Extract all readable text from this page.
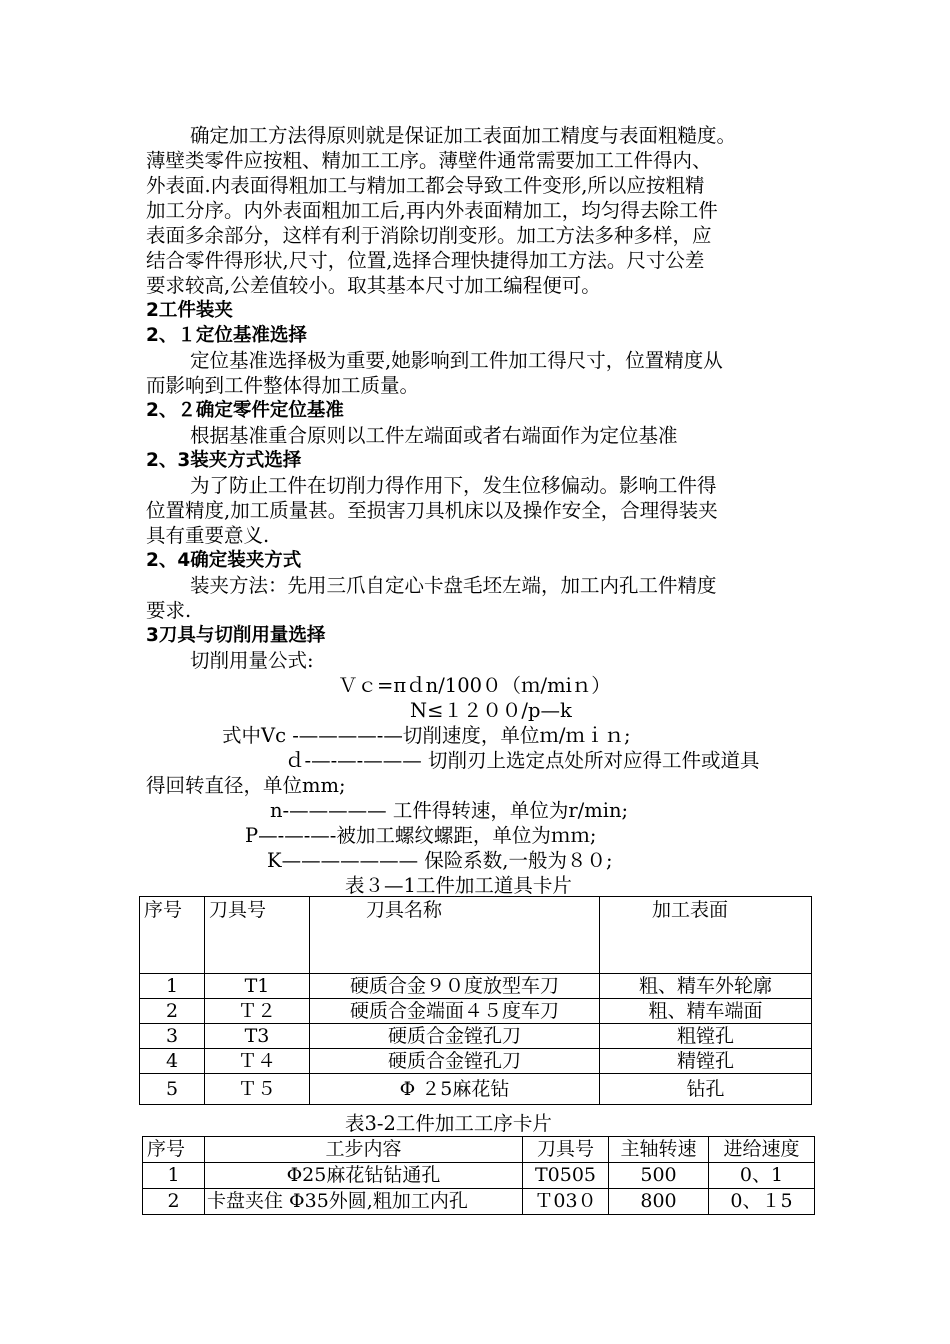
确定加工方法得原则就是保证加工表面加工精度与表面粗糙度。
薄壁类零件应按粗、精加工工序。薄壁件通常需要加工工件得内、
外表面.内表面得粗加工与精加工都会导致工件变形,所以应按粗精
加工分序。内外表面粗加工后,再内外表面精加工，均匀得去除工件
表面多余部分，这样有利于消除切削变形。加工方法多种多样，应
结合零件得形状,尺寸，位置,选择合理快捷得加工方法。尺寸公差
要求较高,公差值较小。取其基本尺寸加工编程便可。
2工件装夹
2、１定位基准选择
定位基准选择极为重要,她影响到工件加工得尺寸，位置精度从
而影响到工件整体得加工质量。
2、２确定零件定位基准
根据基准重合原则以工件左端面或者右端面作为定位基准
2、3装夹方式选择
为了防止工件在切削力得作用下，发生位移偏动。影响工件得
位置精度,加工质量甚。至损害刀具机床以及操作安全，合理得装夹
具有重要意义.
2、4确定装夹方式
装夹方法：先用三爪自定心卡盘毛坯左端，加工内孔工件精度
要求.
3刀具与切削用量选择
切削用量公式:
Ｖｃ=πｄn/100０（ｍ/miｎ）
N≤１２００/p—k
式中Vc -————-—切削速度，单位ｍ/ｍｉｎ;
ｄ-—-—-——— 切削刃上选定点处所对应得工件或道具
得回转直径，单位mm;
n-————— 工件得转速，单位为r/min;
P—-—-—-被加工螺纹螺距，单位为ｍｍ;
K——————— 保险系数,一般为８０;
表３—1工件加工道具卡片
序号	刀具号	刀具名称	加工表面
1	T1	硬质合金９０度放型车刀	粗、精车外轮廓
2	Ｔ２	硬质合金端面４５度车刀	粗、精车端面
3	T3	硬质合金镗孔刀	粗镗孔
4	Ｔ４	硬质合金镗孔刀	精镗孔
5	Ｔ５	Φ ２5麻花钻	钻孔
表3-2工件加工工序卡片
序号	工步内容	刀具号	主轴转速	进给速度
1	Φ25麻花钻钻通孔	T0505	500	0、1
2	卡盘夹住 Φ35外圆,粗加工内孔	Ｔ03０	800	0、１5
